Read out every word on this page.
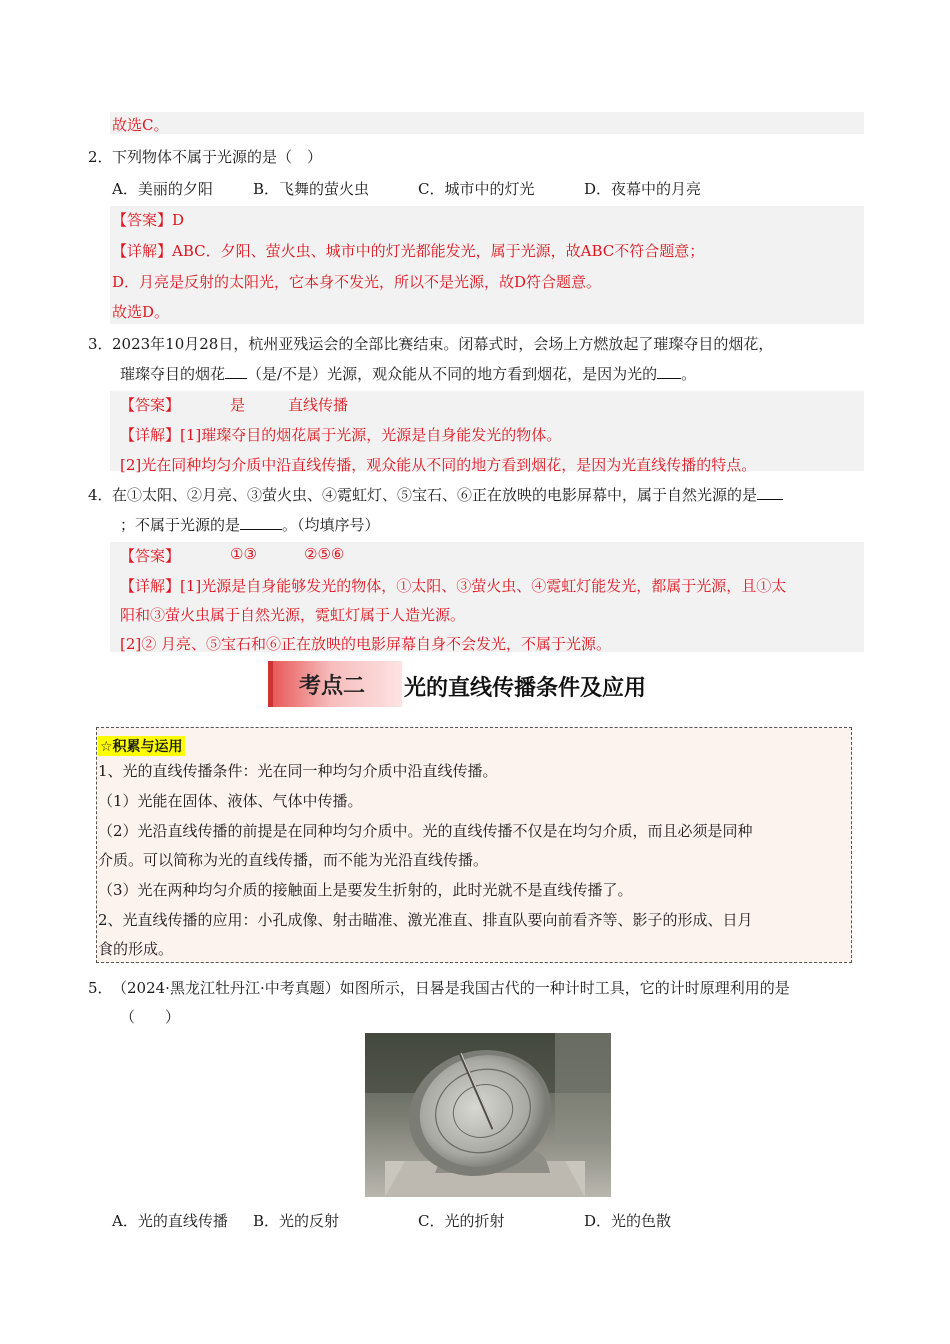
故选C。
2． 下列物体不属于光源的是（　）
A．美丽的夕阳	B．飞舞的萤火虫	C．城市中的灯光	D．夜幕中的月亮
【答案】D
【详解】ABC．夕阳、萤火虫、城市中的灯光都能发光，属于光源，故ABC不符合题意；
D．月亮是反射的太阳光，它本身不发光，所以不是光源，故D符合题意。
故选D。
3． 2023年10月28日，杭州亚残运会的全部比赛结束。闭幕式时，会场上方燃放起了璀璨夺目的烟花，
璀璨夺目的烟花 （是/不是）光源，观众能从不同的地方看到烟花，是因为光的 。
【答案】	是	直线传播
【详解】[1]璀璨夺目的烟花属于光源，光源是自身能发光的物体。
[2]光在同种均匀介质中沿直线传播，观众能从不同的地方看到烟花，是因为光直线传播的特点。
4． 在①太阳、②月亮、③萤火虫、④霓虹灯、⑤宝石、⑥正在放映的电影屏幕中，属于自然光源的是
；不属于光源的是	。（均填序号）
【答案】	①③	②⑤⑥
【详解】[1]光源是自身能够发光的物体，①太阳、③萤火虫、④霓虹灯能发光，都属于光源，且①太
阳和③萤火虫属于自然光源，霓虹灯属于人造光源。
[2]② 月亮、⑤宝石和⑥正在放映的电影屏幕自身不会发光，不属于光源。
考点二 光的直线传播条件及应用
☆积累与运用
1、光的直线传播条件：光在同一种均匀介质中沿直线传播。
（1）光能在固体、液体、气体中传播。
（2）光沿直线传播的前提是在同种均匀介质中。光的直线传播不仅是在均匀介质，而且必须是同种
介质。可以简称为光的直线传播，而不能为光沿直线传播。
（3）光在两种均匀介质的接触面上是要发生折射的，此时光就不是直线传播了。
2、光直线传播的应用：小孔成像、射击瞄准、激光准直、排直队要向前看齐等、影子的形成、日月
食的形成。
5． （2024·黑龙江牡丹江·中考真题）如图所示，日晷是我国古代的一种计时工具，它的计时原理利用的是
（　　）
A．光的直线传播 B．光的反射	C．光的折射	D．光的色散
